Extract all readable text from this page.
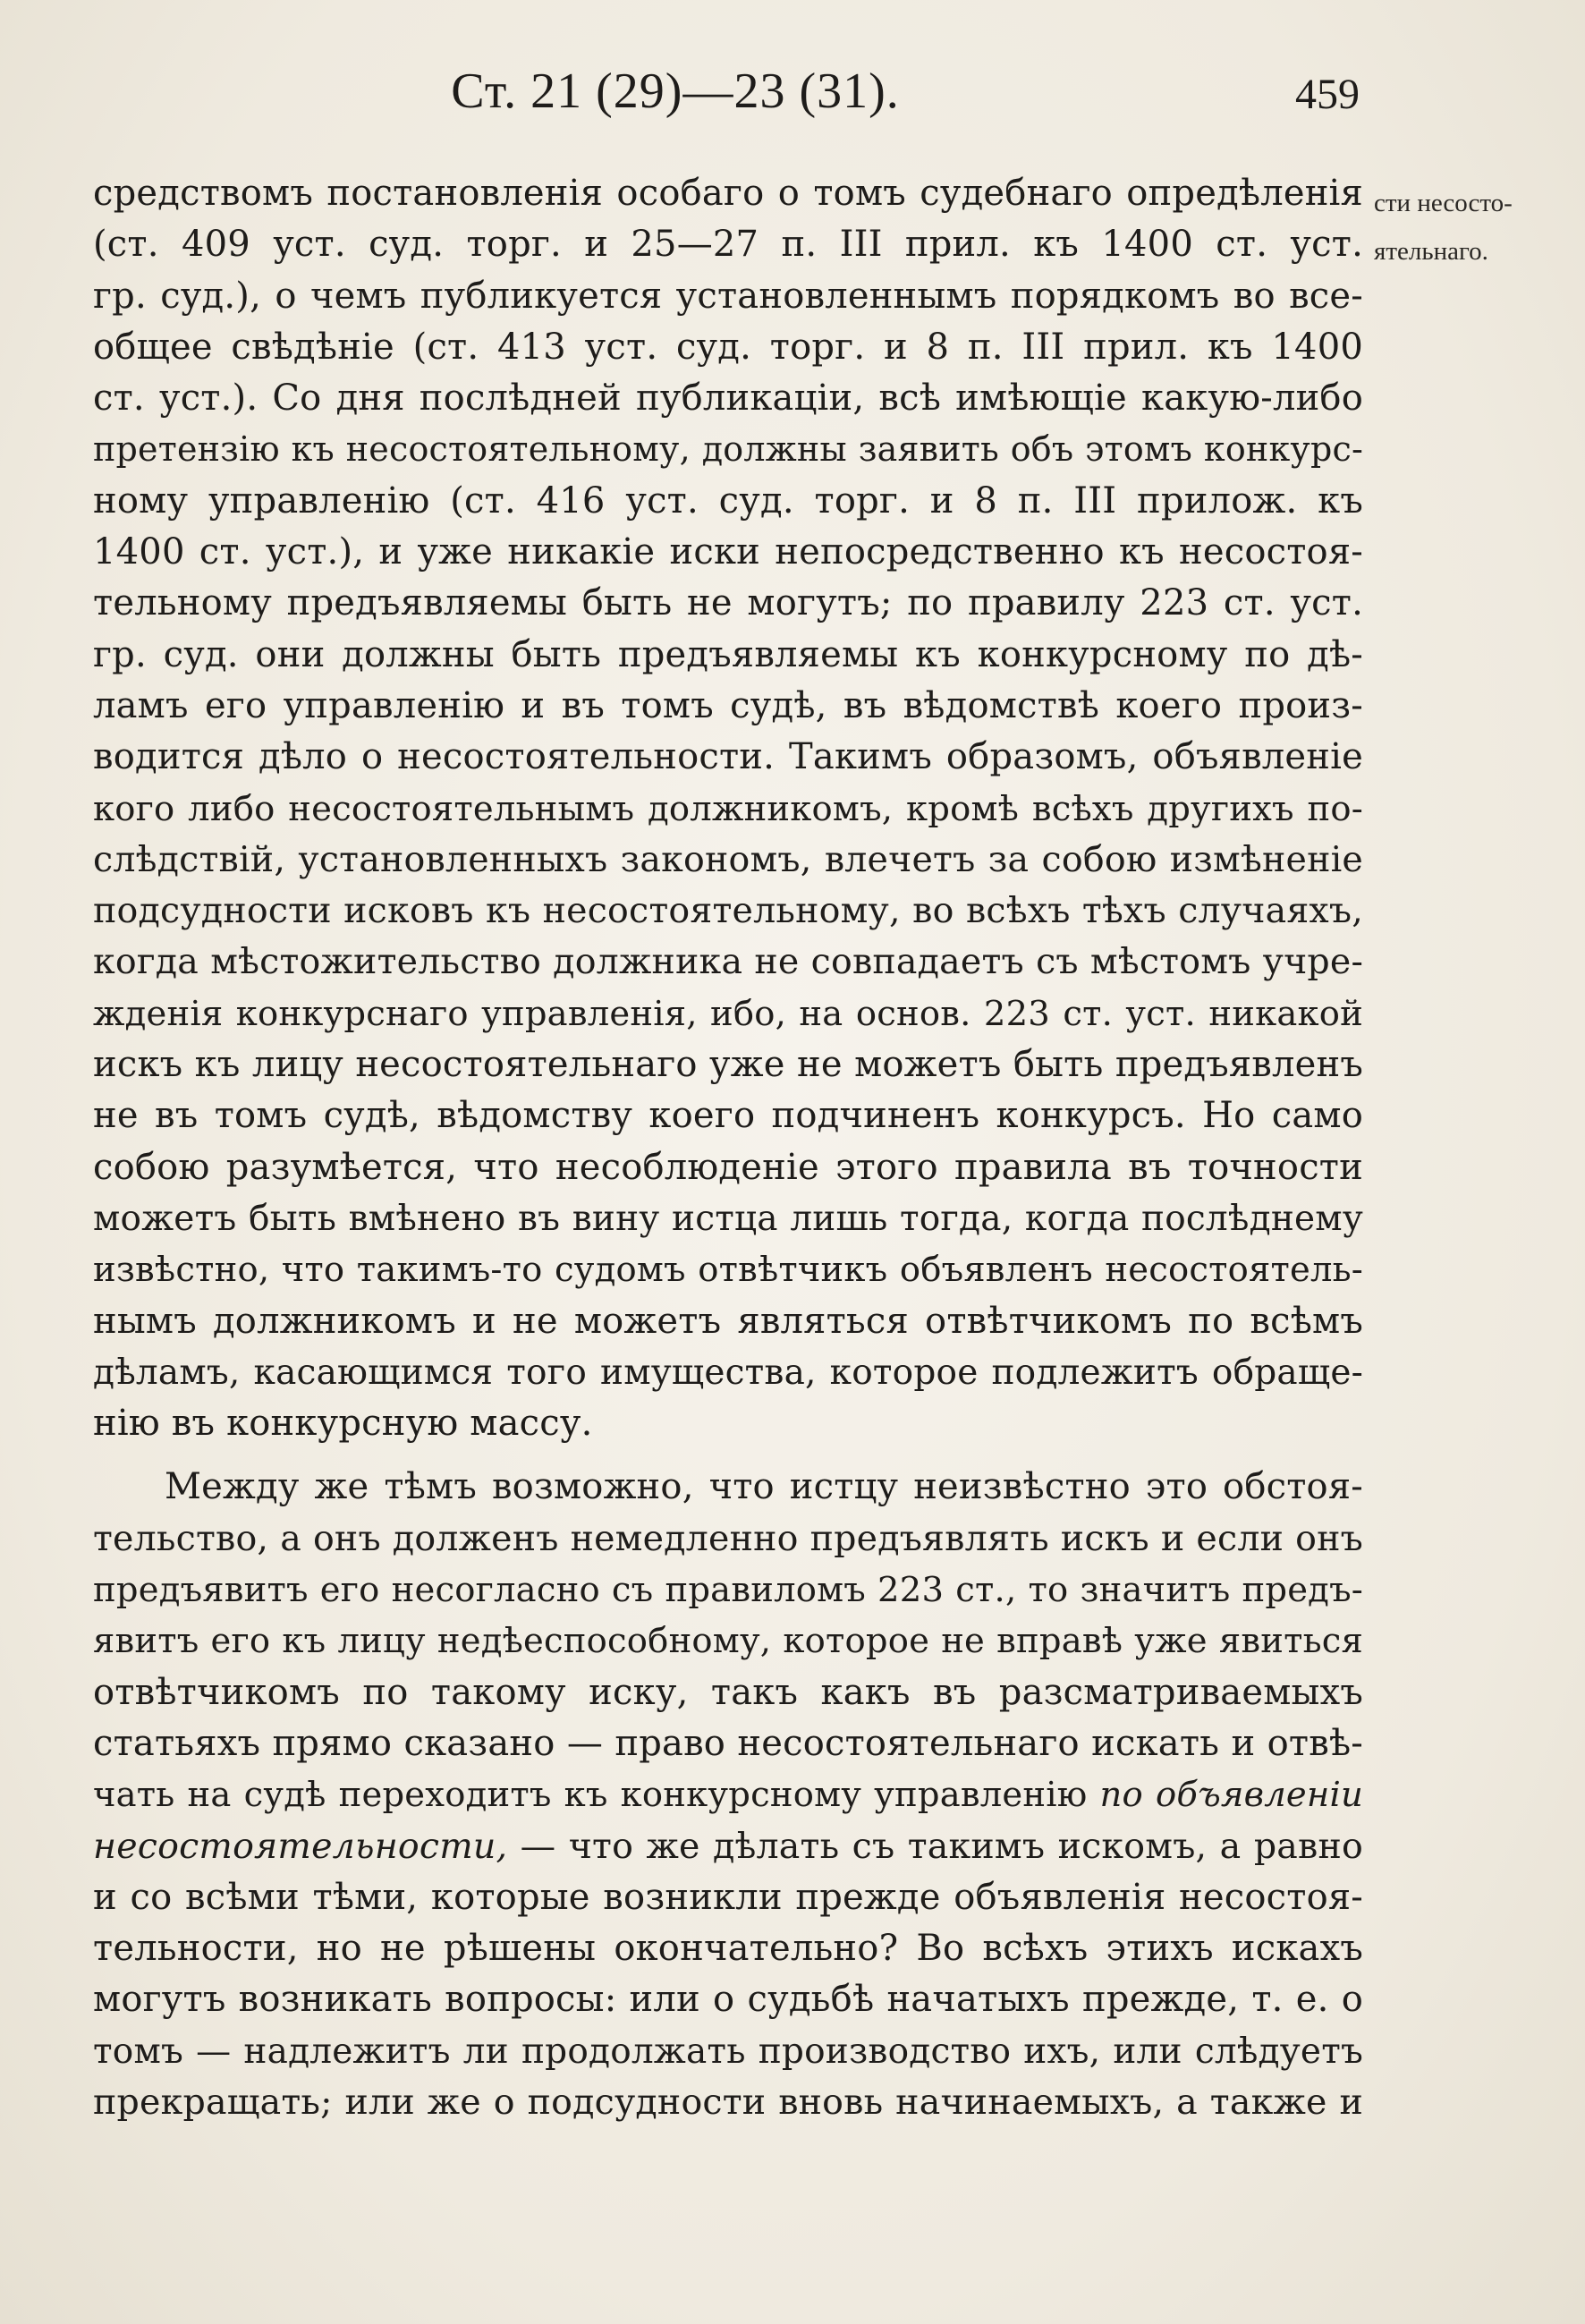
Ст. 21 (29)—23 (31).	459
сти несосто-
ятельнаго.
средствомъ постановленія особаго о томъ судебнаго опредѣленія
(ст. 409 уст. суд. торг. и 25—27 п. III прил. къ 1400 ст. уст.
гр. суд.), о чемъ публикуется установленнымъ порядкомъ во все-
общее свѣдѣніе (ст. 413 уст. суд. торг. и 8 п. III прил. къ 1400
ст. уст.). Со дня послѣдней публикаціи, всѣ имѣющіе какую-либо
претензію къ несостоятельному, должны заявить объ этомъ конкурс-
ному управленію (ст. 416 уст. суд. торг. и 8 п. III прилож. къ
1400 ст. уст.), и уже никакіе иски непосредственно къ несостоя-
тельному предъявляемы быть не могутъ; по правилу 223 ст. уст.
гр. суд. они должны быть предъявляемы къ конкурсному по дѣ-
ламъ его управленію и въ томъ судѣ, въ вѣдомствѣ коего произ-
водится дѣло о несостоятельности. Такимъ образомъ, объявленіе
кого либо несостоятельнымъ должникомъ, кромѣ всѣхъ другихъ по-
слѣдствій, установленныхъ закономъ, влечетъ за собою измѣненіе
подсудности исковъ къ несостоятельному, во всѣхъ тѣхъ случаяхъ,
когда мѣстожительство должника не совпадаетъ съ мѣстомъ учре-
жденія конкурснаго управленія, ибо, на основ. 223 ст. уст. никакой
искъ къ лицу несостоятельнаго уже не можетъ быть предъявленъ
не въ томъ судѣ, вѣдомству коего подчиненъ конкурсъ. Но само
собою разумѣется, что несоблюденіе этого правила въ точности
можетъ быть вмѣнено въ вину истца лишь тогда, когда послѣднему
извѣстно, что такимъ-то судомъ отвѣтчикъ объявленъ несостоятель-
нымъ должникомъ и не можетъ являться отвѣтчикомъ по всѣмъ
дѣламъ, касающимся того имущества, которое подлежитъ обраще-
нію въ конкурсную массу.
Между же тѣмъ возможно, что истцу неизвѣстно это обстоя-
тельство, а онъ долженъ немедленно предъявлять искъ и если онъ
предъявитъ его несогласно съ правиломъ 223 ст., то значитъ предъ-
явитъ его къ лицу недѣеспособному, которое не вправѣ уже явиться
отвѣтчикомъ по такому иску, такъ какъ въ разсматриваемыхъ
статьяхъ прямо сказано — право несостоятельнаго искать и отвѣ-
чать на судѣ переходитъ къ конкурсному управленію по объявленіи
несостоятельности, — что же дѣлать съ такимъ искомъ, а равно
и со всѣми тѣми, которые возникли прежде объявленія несостоя-
тельности, но не рѣшены окончательно? Во всѣхъ этихъ искахъ
могутъ возникать вопросы: или о судьбѣ начатыхъ прежде, т. е. о
томъ — надлежитъ ли продолжать производство ихъ, или слѣдуетъ
прекращать; или же о подсудности вновь начинаемыхъ, а также и
